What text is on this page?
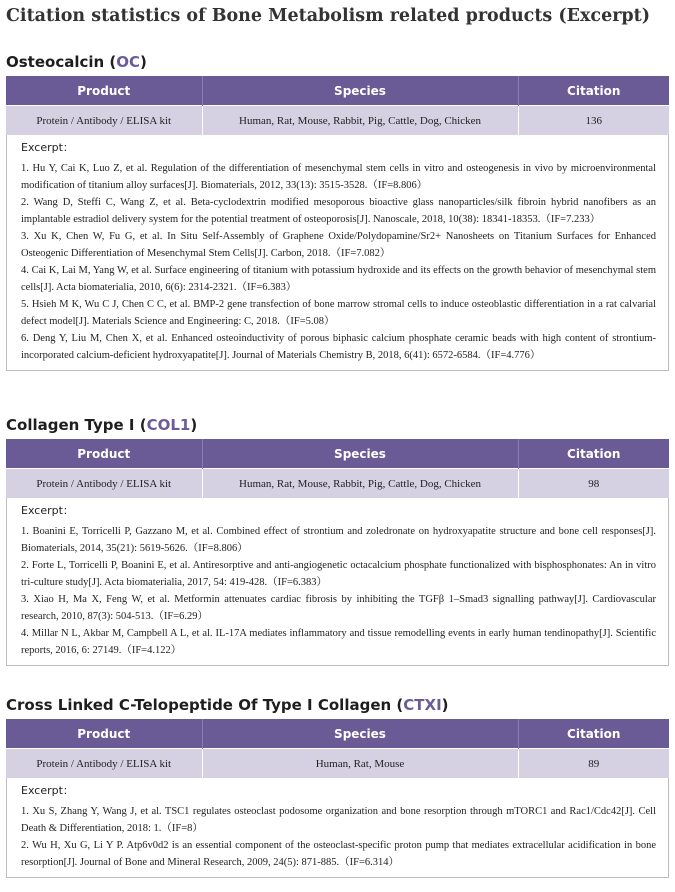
Citation statistics of Bone Metabolism related products (Excerpt)
Osteocalcin (OC)
Product	Species	Citation
Protein / Antibody / ELISA kit	Human, Rat, Mouse, Rabbit, Pig, Cattle, Dog, Chicken	136
Excerpt：

1. Hu Y, Cai K, Luo Z, et al. Regulation of the differentiation of mesenchymal stem cells in vitro and osteogenesis in vivo by microenvironmental modification of titanium alloy surfaces[J]. Biomaterials, 2012, 33(13): 3515-3528.（IF=8.806）

2. Wang D, Steffi C, Wang Z, et al. Beta-cyclodextrin modified mesoporous bioactive glass nanoparticles/silk fibroin hybrid nanofibers as an implantable estradiol delivery system for the potential treatment of osteoporosis[J]. Nanoscale, 2018, 10(38): 18341-18353.（IF=7.233）

3. Xu K, Chen W, Fu G, et al. In Situ Self-Assembly of Graphene Oxide/Polydopamine/Sr2+ Nanosheets on Titanium Surfaces for Enhanced Osteogenic Differentiation of Mesenchymal Stem Cells[J]. Carbon, 2018.（IF=7.082）

4. Cai K, Lai M, Yang W, et al. Surface engineering of titanium with potassium hydroxide and its effects on the growth behavior of mesenchymal stem cells[J]. Acta biomaterialia, 2010, 6(6): 2314-2321.（IF=6.383）

5. Hsieh M K, Wu C J, Chen C C, et al. BMP-2 gene transfection of bone marrow stromal cells to induce osteoblastic differentiation in a rat calvarial defect model[J]. Materials Science and Engineering: C, 2018.（IF=5.08）

6. Deng Y, Liu M, Chen X, et al. Enhanced osteoinductivity of porous biphasic calcium phosphate ceramic beads with high content of strontium-incorporated calcium-deficient hydroxyapatite[J]. Journal of Materials Chemistry B, 2018, 6(41): 6572-6584.（IF=4.776）

Collagen Type I (COL1)
Product	Species	Citation
Protein / Antibody / ELISA kit	Human, Rat, Mouse, Rabbit, Pig, Cattle, Dog, Chicken	98
Excerpt：

1. Boanini E, Torricelli P, Gazzano M, et al. Combined effect of strontium and zoledronate on hydroxyapatite structure and bone cell responses[J]. Biomaterials, 2014, 35(21): 5619-5626.（IF=8.806）

2. Forte L, Torricelli P, Boanini E, et al. Antiresorptive and anti-angiogenetic octacalcium phosphate functionalized with bisphosphonates: An in vitro tri-culture study[J]. Acta biomaterialia, 2017, 54: 419-428.（IF=6.383）

3. Xiao H, Ma X, Feng W, et al. Metformin attenuates cardiac fibrosis by inhibiting the TGFβ 1–Smad3 signalling pathway[J]. Cardiovascular research, 2010, 87(3): 504-513.（IF=6.29）

4. Millar N L, Akbar M, Campbell A L, et al. IL-17A mediates inflammatory and tissue remodelling events in early human tendinopathy[J]. Scientific reports, 2016, 6: 27149.（IF=4.122）

Cross Linked C-Telopeptide Of Type I Collagen (CTXI)
Product	Species	Citation
Protein / Antibody / ELISA kit	Human, Rat, Mouse	89
Excerpt：

1. Xu S, Zhang Y, Wang J, et al. TSC1 regulates osteoclast podosome organization and bone resorption through mTORC1 and Rac1/Cdc42[J]. Cell Death & Differentiation, 2018: 1.（IF=8）

2. Wu H, Xu G, Li Y P. Atp6v0d2 is an essential component of the osteoclast-specific proton pump that mediates extracellular acidification in bone resorption[J]. Journal of Bone and Mineral Research, 2009, 24(5): 871-885.（IF=6.314）
